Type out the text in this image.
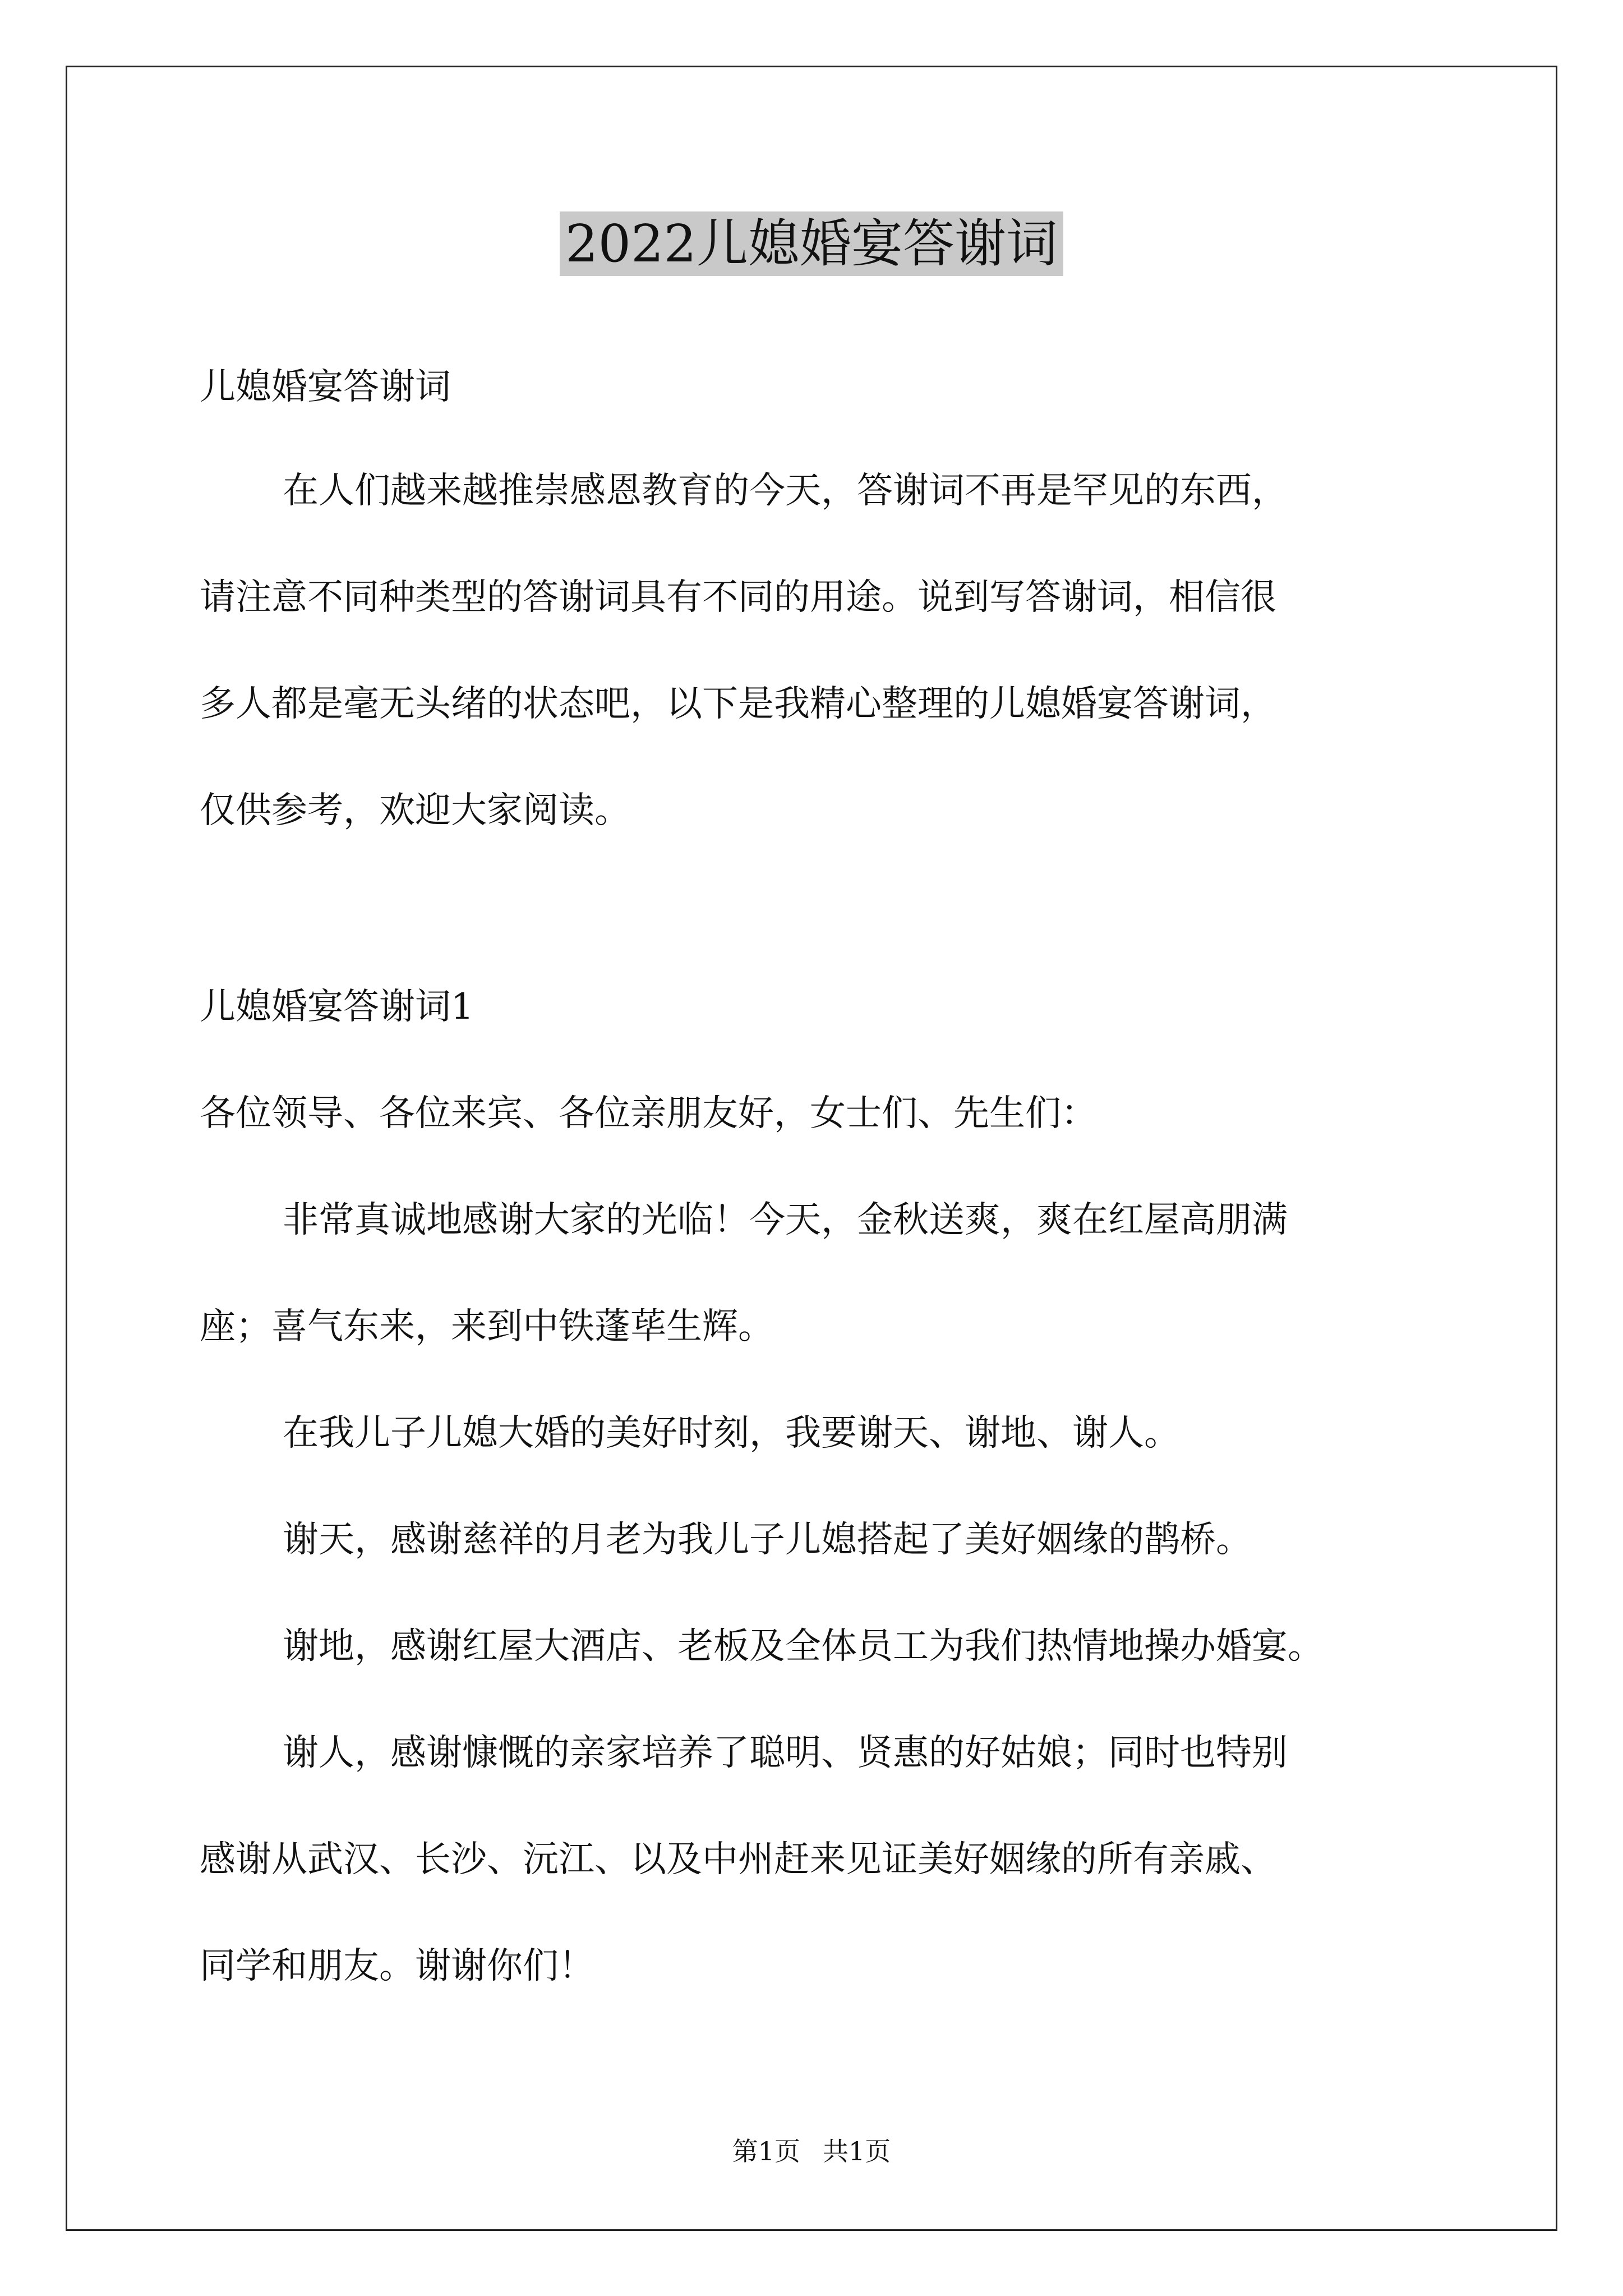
2022儿媳婚宴答谢词

儿媳婚宴答谢词

在人们越来越推崇感恩教育的今天，答谢词不再是罕见的东西，

请注意不同种类型的答谢词具有不同的用途。说到写答谢词，相信很

多人都是毫无头绪的状态吧，以下是我精心整理的儿媳婚宴答谢词，

仅供参考，欢迎大家阅读。

儿媳婚宴答谢词1

各位领导、各位来宾、各位亲朋友好，女士们、先生们：

非常真诚地感谢大家的光临！今天，金秋送爽，爽在红屋高朋满

座；喜气东来，来到中铁蓬荜生辉。

在我儿子儿媳大婚的美好时刻，我要谢天、谢地、谢人。

谢天，感谢慈祥的月老为我儿子儿媳搭起了美好姻缘的鹊桥。

谢地，感谢红屋大酒店、老板及全体员工为我们热情地操办婚宴。

谢人，感谢慷慨的亲家培养了聪明、贤惠的好姑娘；同时也特别

感谢从武汉、长沙、沅江、以及中州赶来见证美好姻缘的所有亲戚、

同学和朋友。谢谢你们！

第1页 共1页
